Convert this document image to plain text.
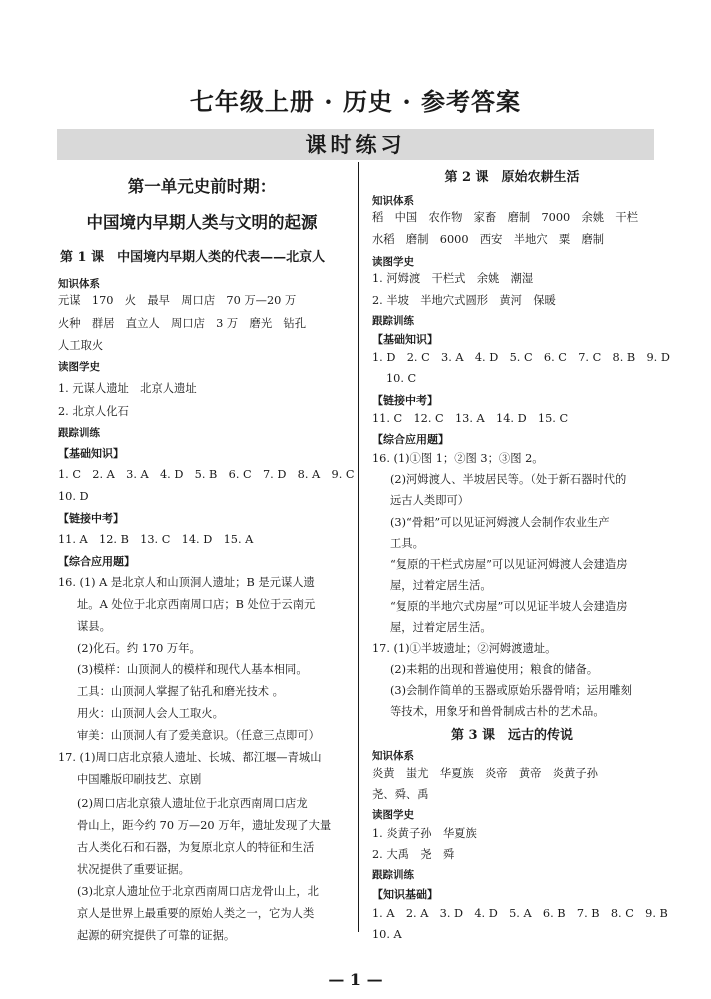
七年级上册 · 历史 · 参考答案
课时练习
第一单元史前时期：
中国境内早期人类与文明的起源
第 1 课　中国境内早期人类的代表——北京人
知识体系
元谋　170　火　最早　周口店　70 万—20 万
火种　群居　直立人　周口店　3 万　磨光　钻孔
人工取火
读图学史
1. 元谋人遗址　北京人遗址
2. 北京人化石
跟踪训练
【基础知识】
1. C　2. A　3. A　4. D　5. B　6. C　7. D　8. A　9. C
10. D
【链接中考】
11. A　12. B　13. C　14. D　15. A
【综合应用题】
16. (1) A 是北京人和山顶洞人遗址；B 是元谋人遗
址。A 处位于北京西南周口店；B 处位于云南元
谋县。
(2)化石。约 170 万年。
(3)模样：山顶洞人的模样和现代人基本相同。
工具：山顶洞人掌握了钻孔和磨光技术 。
用火：山顶洞人会人工取火。
审美：山顶洞人有了爱美意识。（任意三点即可）
17. (1)周口店北京猿人遗址、长城、都江堰—青城山
中国雕版印刷技艺、京剧
(2)周口店北京猿人遗址位于北京西南周口店龙
骨山上，距今约 70 万—20 万年，遗址发现了大量
古人类化石和石器，为复原北京人的特征和生活
状况提供了重要证据。
(3)北京人遗址位于北京西南周口店龙骨山上，北
京人是世界上最重要的原始人类之一，它为人类
起源的研究提供了可靠的证据。
第 2 课　原始农耕生活
知识体系
稻　中国　农作物　家畜　磨制　7000　余姚　干栏
水稻　磨制　6000　西安　半地穴　粟　磨制
读图学史
1. 河姆渡　干栏式　余姚　潮湿
2. 半坡　半地穴式圆形　黄河　保暖
跟踪训练
【基础知识】
1. D　2. C　3. A　4. D　5. C　6. C　7. C　8. B　9. D
10. C
【链接中考】
11. C　12. C　13. A　14. D　15. C
【综合应用题】
16. (1)①图 1；②图 3；③图 2。
(2)河姆渡人、半坡居民等。（处于新石器时代的
远古人类即可）
(3)“骨耜”可以见证河姆渡人会制作农业生产
工具。
“复原的干栏式房屋”可以见证河姆渡人会建造房
屋，过着定居生活。
“复原的半地穴式房屋”可以见证半坡人会建造房
屋，过着定居生活。
17. (1)①半坡遗址；②河姆渡遗址。
(2)耒耜的出现和普遍使用；粮食的储备。
(3)会制作简单的玉器或原始乐器骨哨；运用雕刻
等技术，用象牙和兽骨制成古朴的艺术品。
第 3 课　远古的传说
知识体系
炎黄　蚩尤　华夏族　炎帝　黄帝　炎黄子孙
尧、舜、禹
读图学史
1. 炎黄子孙　华夏族
2. 大禹　尧　舜
跟踪训练
【知识基础】
1. A　2. A　3. D　4. D　5. A　6. B　7. B　8. C　9. B
10. A
— 1 —
